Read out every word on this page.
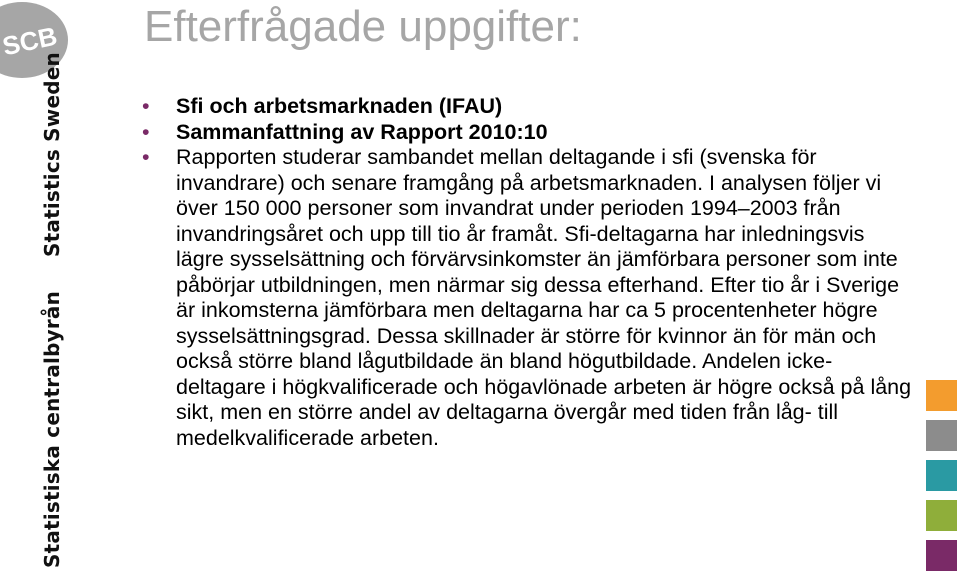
SCB
Statistiska centralbyrånStatistics Sweden
Efterfrågade uppgifter:
• Sfi och arbetsmarknaden (IFAU)
• Sammanfattning av Rapport 2010:10
• Rapporten studerar sambandet mellan deltagande i sfi (svenska för invandrare) och senare framgång på arbetsmarknaden. I analysen följer vi över 150 000 personer som invandrat under perioden 1994–2003 från invandringsåret och upp till tio år framåt. Sfi-deltagarna har inledningsvis lägre sysselsättning och förvärvsinkomster än jämförbara personer som inte påbörjar utbildningen, men närmar sig dessa efterhand. Efter tio år i Sverige är inkomsterna jämförbara men deltagarna har ca 5 procentenheter högre sysselsättningsgrad. Dessa skillnader är större för kvinnor än för män och också större bland lågutbildade än bland högutbildade. Andelen icke-deltagare i högkvalificerade och högavlönade arbeten är högre också på lång sikt, men en större andel av deltagarna övergår med tiden från låg- till medelkvalificerade arbeten.
